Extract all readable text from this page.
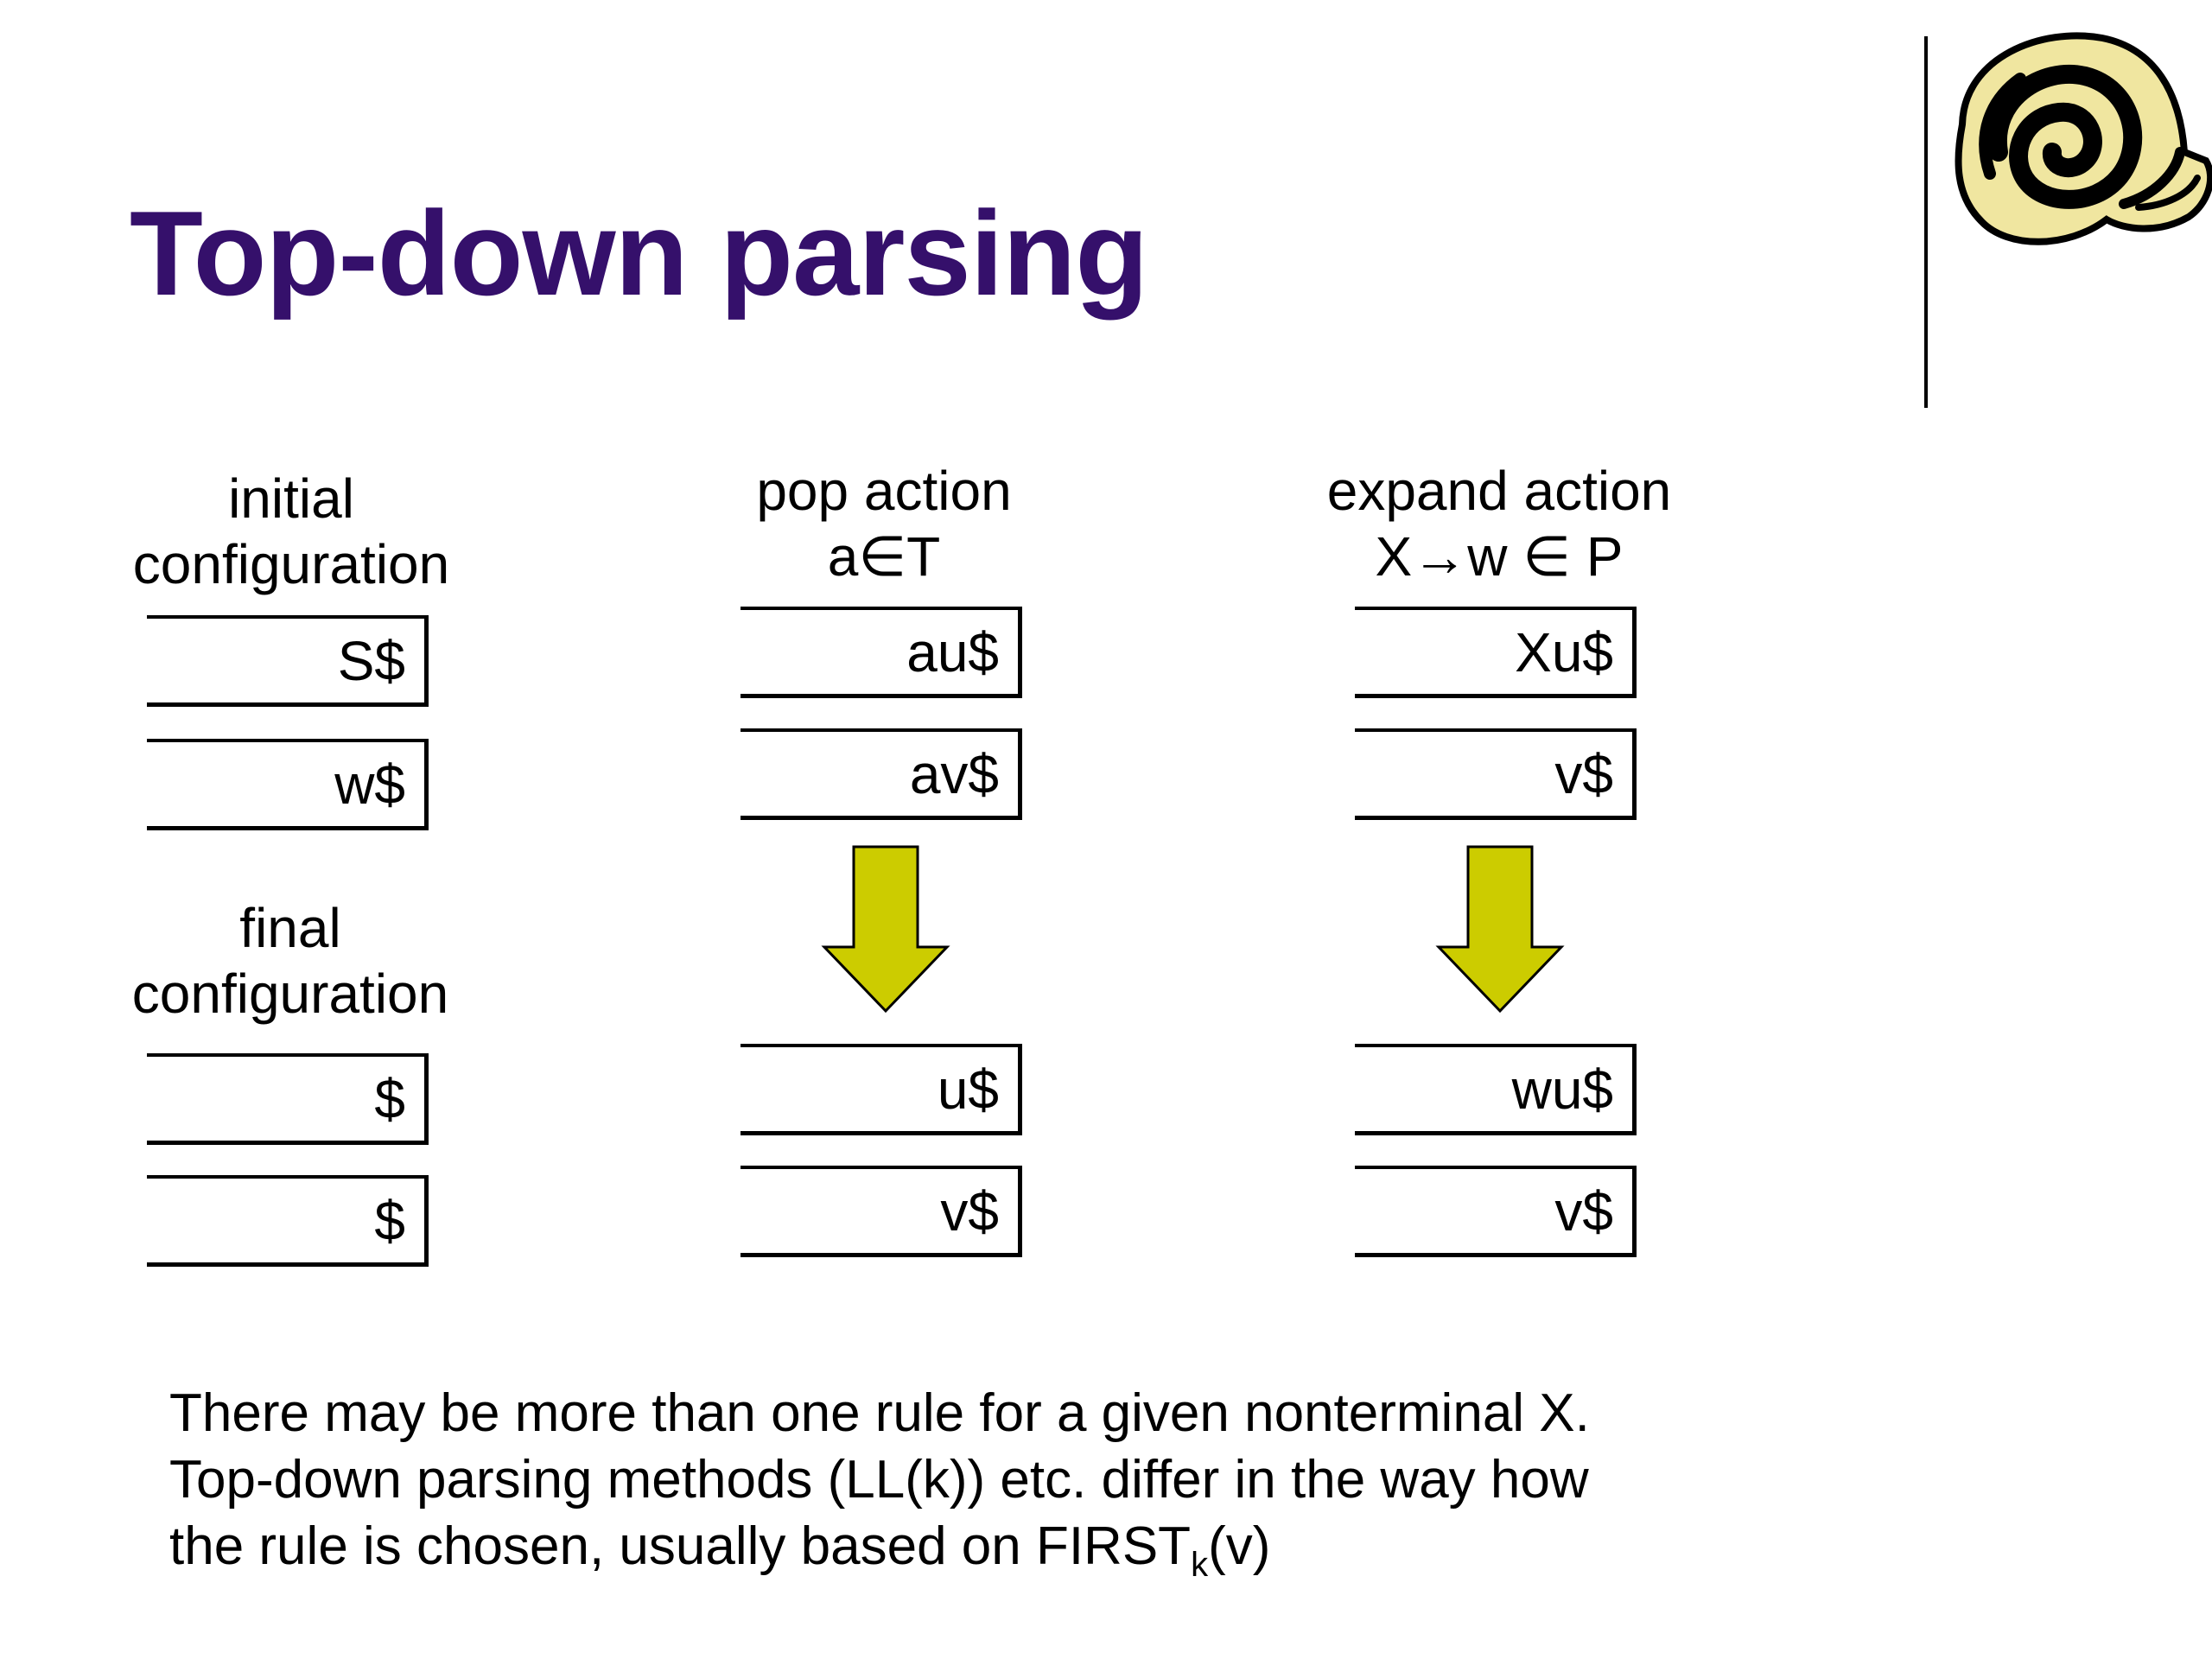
Top-down parsing
initial
configuration
S$
w$
final
configuration
$
$
pop action
a∈T
au$
av$
u$
v$
expand action
X→w ∈ P
Xu$
v$
wu$
v$
There may be more than one rule for a given nonterminal X.
Top-down parsing methods (LL(k)) etc. differ in the way how
the rule is chosen, usually based on $FIRST_k(v)$
